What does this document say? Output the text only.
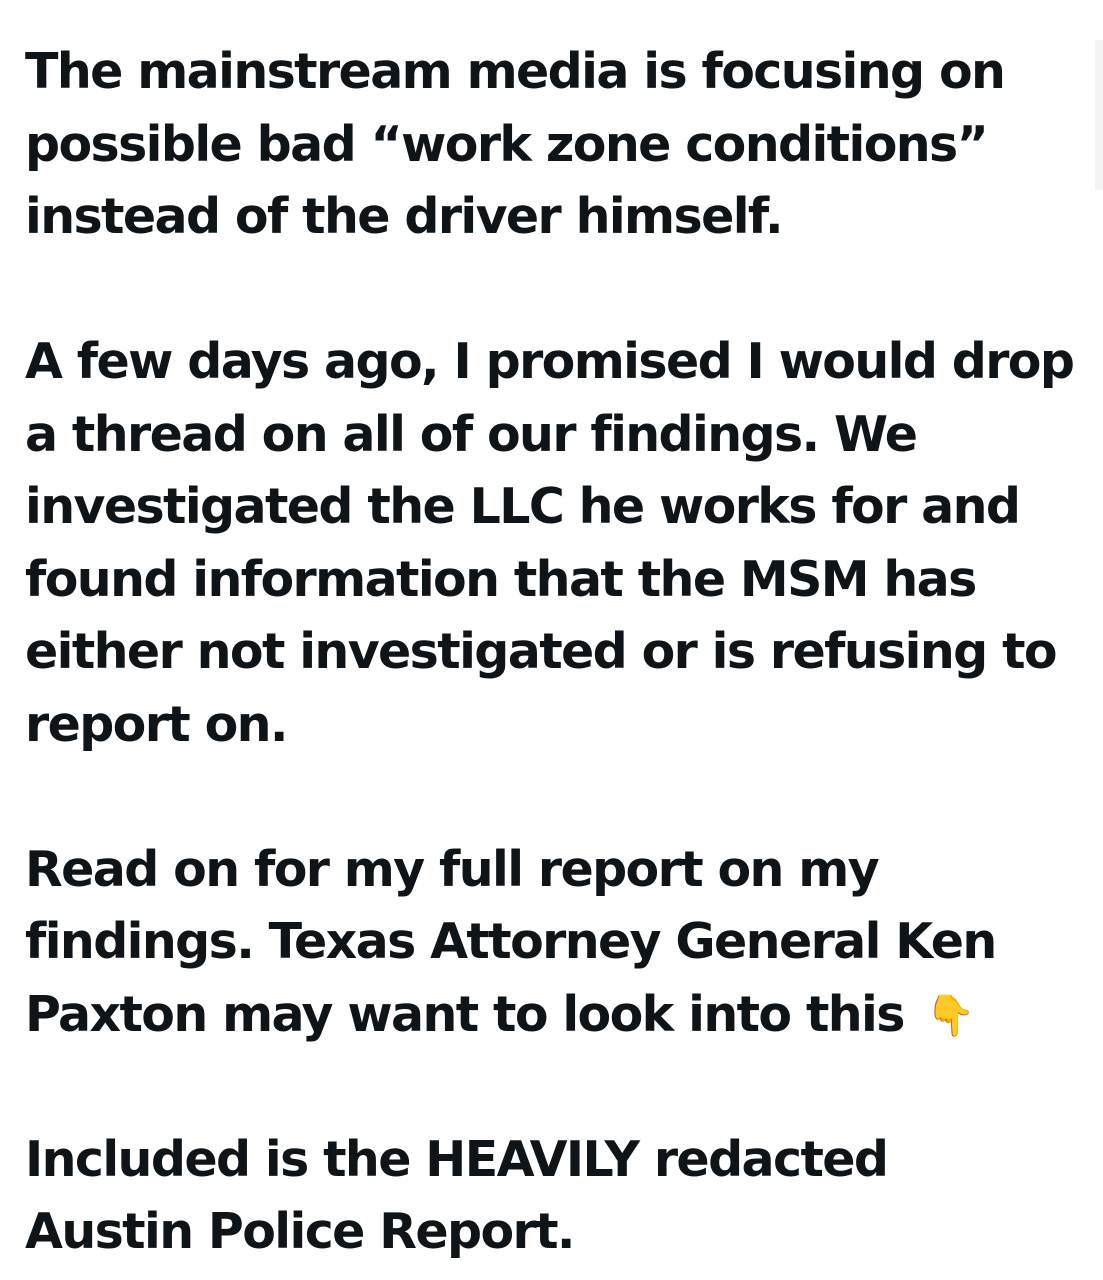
The mainstream media is focusing on
possible bad “work zone conditions”
instead of the driver himself.

A few days ago, I promised I would drop
a thread on all of our findings. We
investigated the LLC he works for and
found information that the MSM has
either not investigated or is refusing to
report on.

Read on for my full report on my
findings. Texas Attorney General Ken
Paxton may want to look into this 👇

Included is the HEAVILY redacted
Austin Police Report.
